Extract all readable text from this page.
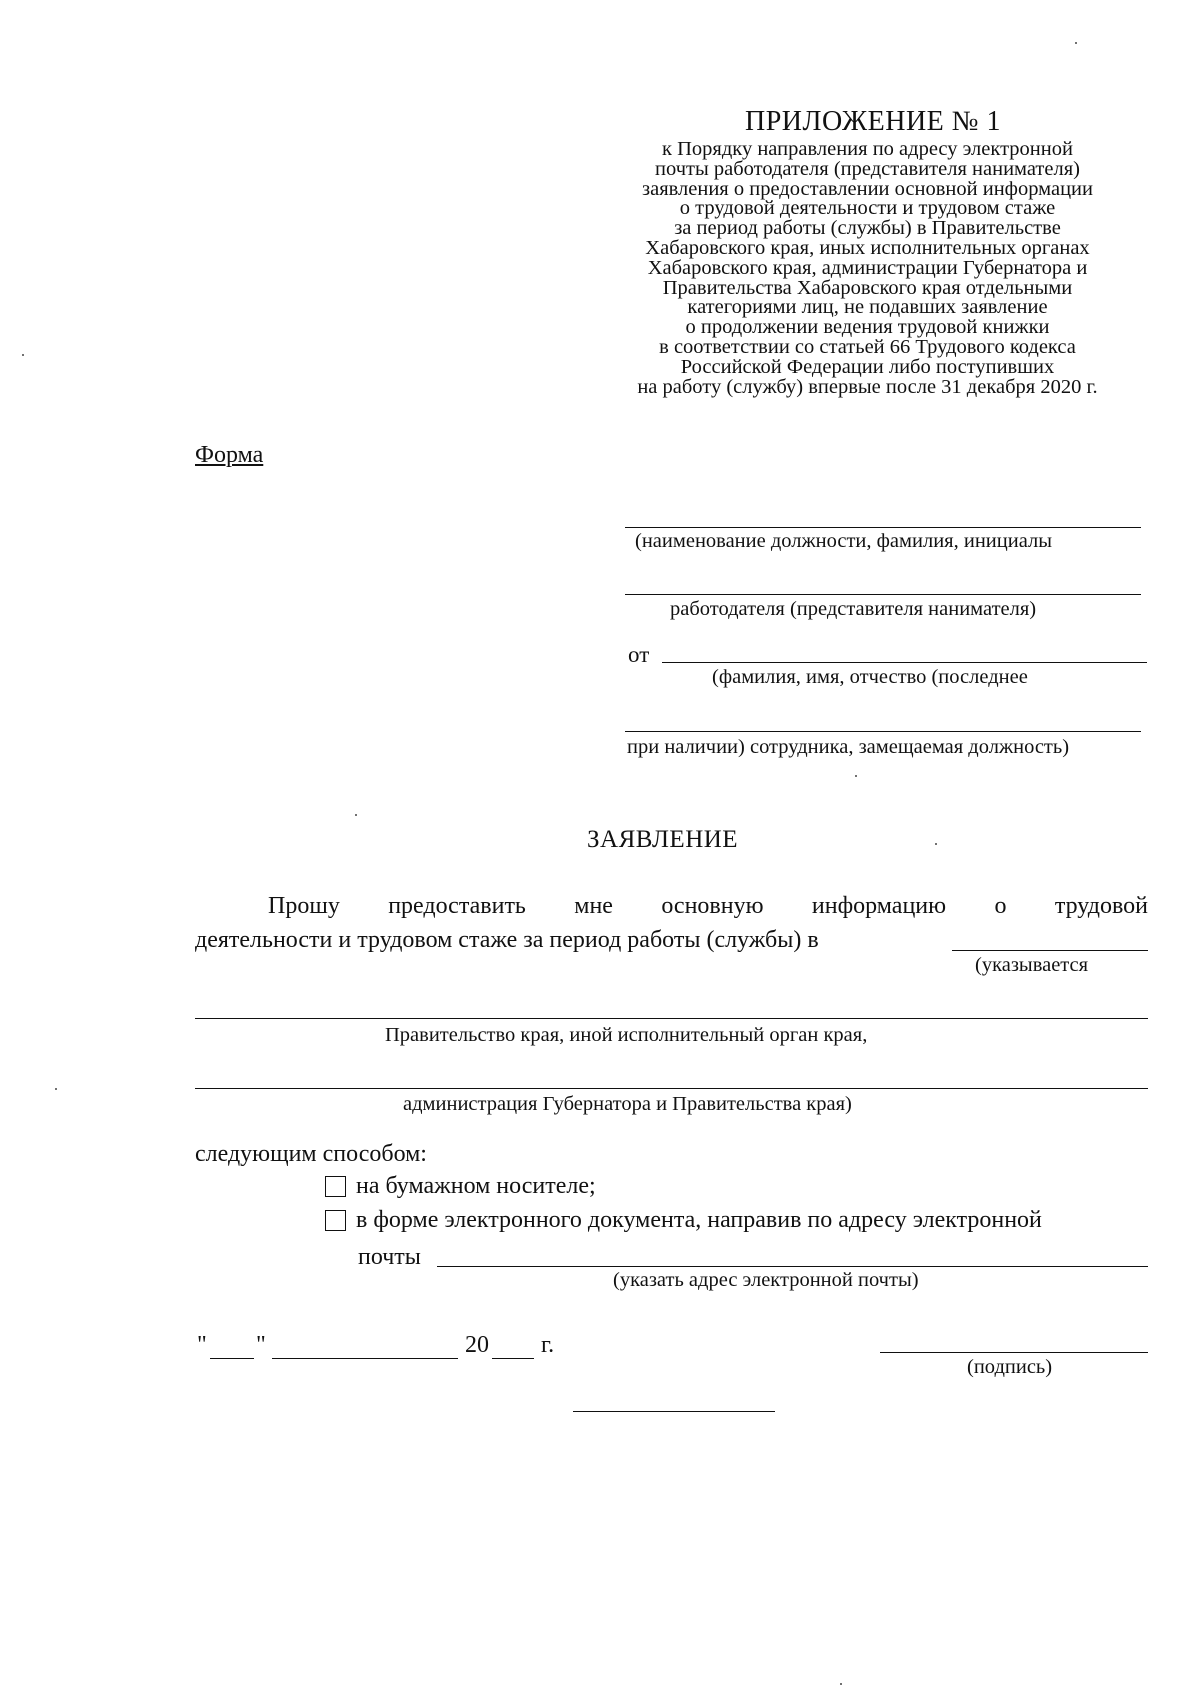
ПРИЛОЖЕНИЕ № 1
к Порядку направления по адресу электронной
почты работодателя (представителя нанимателя)
заявления о предоставлении основной информации
о трудовой деятельности и трудовом стаже
за период работы (службы) в Правительстве
Хабаровского края, иных исполнительных органах
Хабаровского края, администрации Губернатора и
Правительства Хабаровского края отдельными
категориями лиц, не подавших заявление
о продолжении ведения трудовой книжки
в соответствии со статьей 66 Трудового кодекса
Российской Федерации либо поступивших
на работу (службу) впервые после 31 декабря 2020 г.
Форма
(наименование должности, фамилия, инициалы
работодателя (представителя нанимателя)
от
(фамилия, имя, отчество (последнее
при наличии) сотрудника, замещаемая должность)
ЗАЯВЛЕНИЕ
Прошу предоставить мне основную информацию о трудовой
деятельности и трудовом стаже за период работы (службы) в
(указывается
Правительство края, иной исполнительный орган края,
администрация Губернатора и Правительства края)
следующим способом:
на бумажном носителе;
в форме электронного документа, направив по адресу электронной
почты
(указать адрес электронной почты)
" "	20 г.
(подпись)
